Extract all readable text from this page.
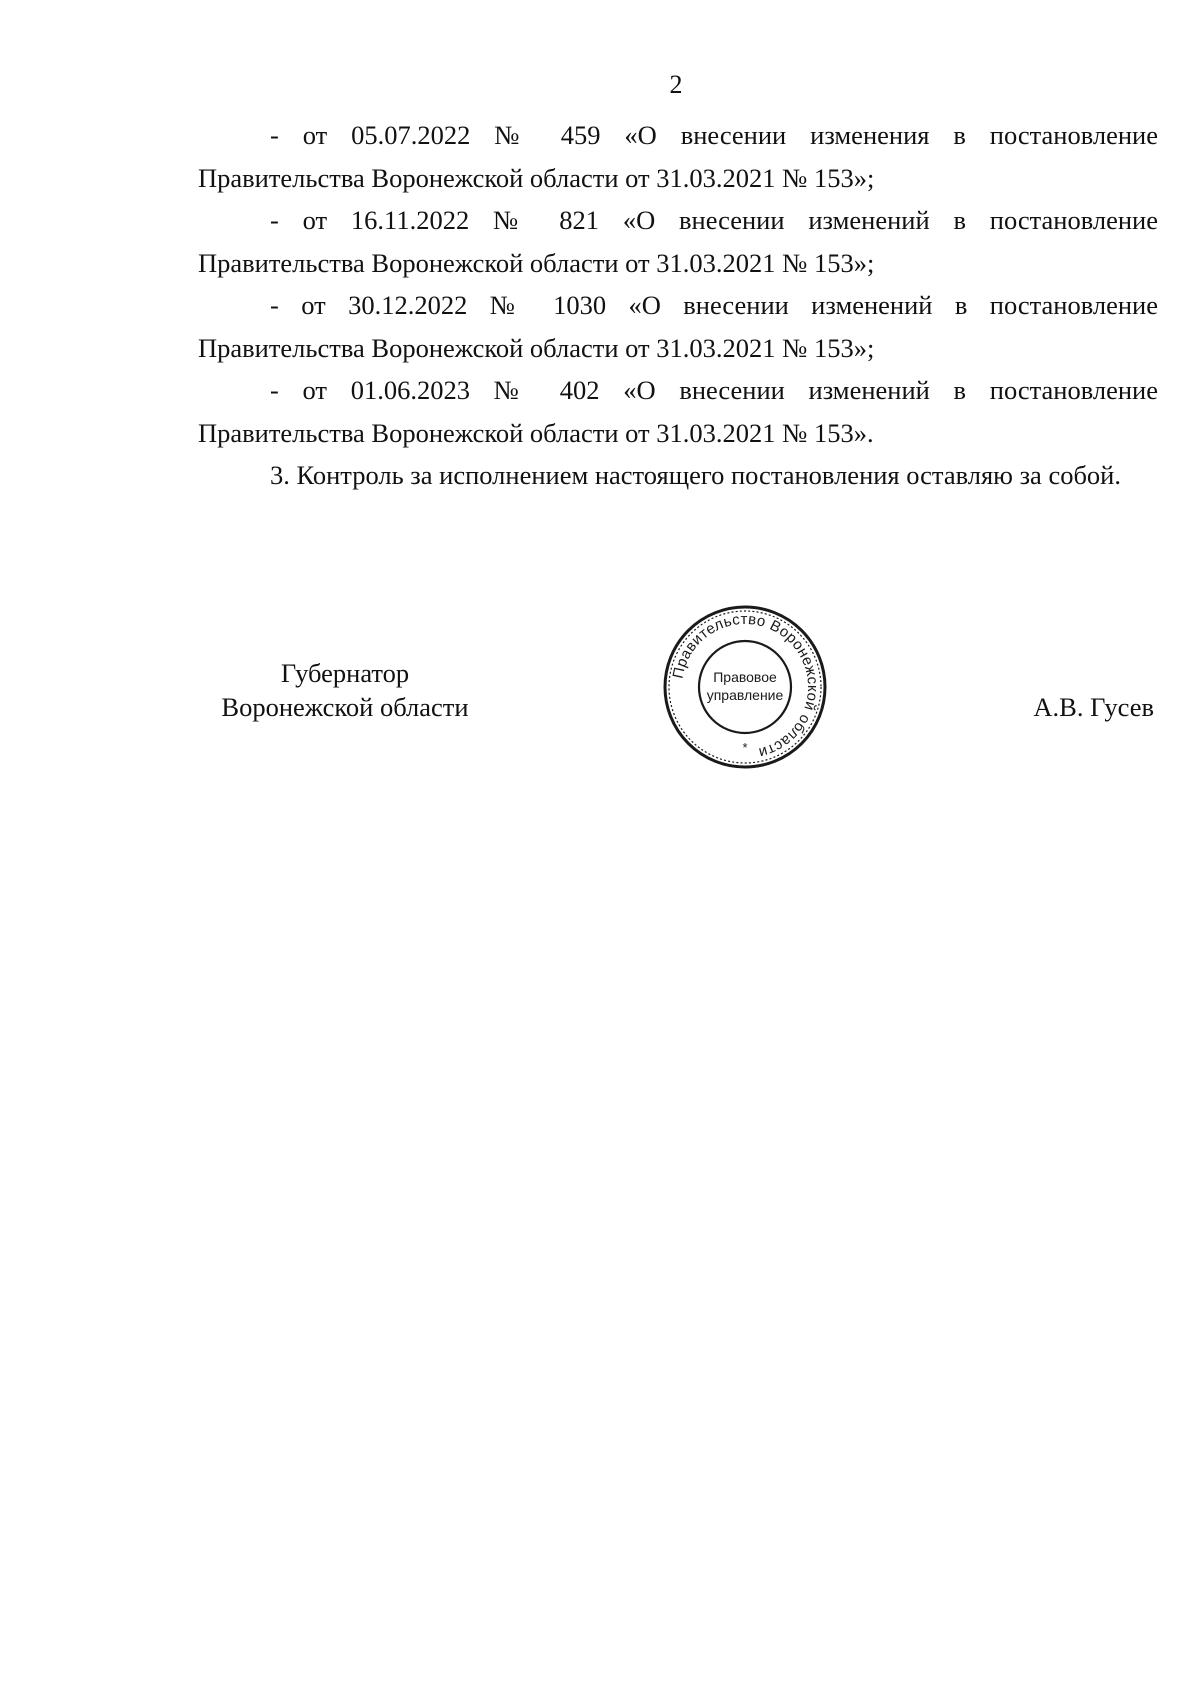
2

- от 05.07.2022 № 459 «О внесении изменения в постановление Правительства Воронежской области от 31.03.2021 № 153»;

- от 16.11.2022 № 821 «О внесении изменений в постановление Правительства Воронежской области от 31.03.2021 № 153»;

- от 30.12.2022 № 1030 «О внесении изменений в постановление Правительства Воронежской области от 31.03.2021 № 153»;

- от 01.06.2023 № 402 «О внесении изменений в постановление Правительства Воронежской области от 31.03.2021 № 153».

3. Контроль за исполнением настоящего постановления оставляю за собой.

Губернатор
Воронежской области	А.В. Гусев
Правительство Воронежской области
Правовое
управление
*
